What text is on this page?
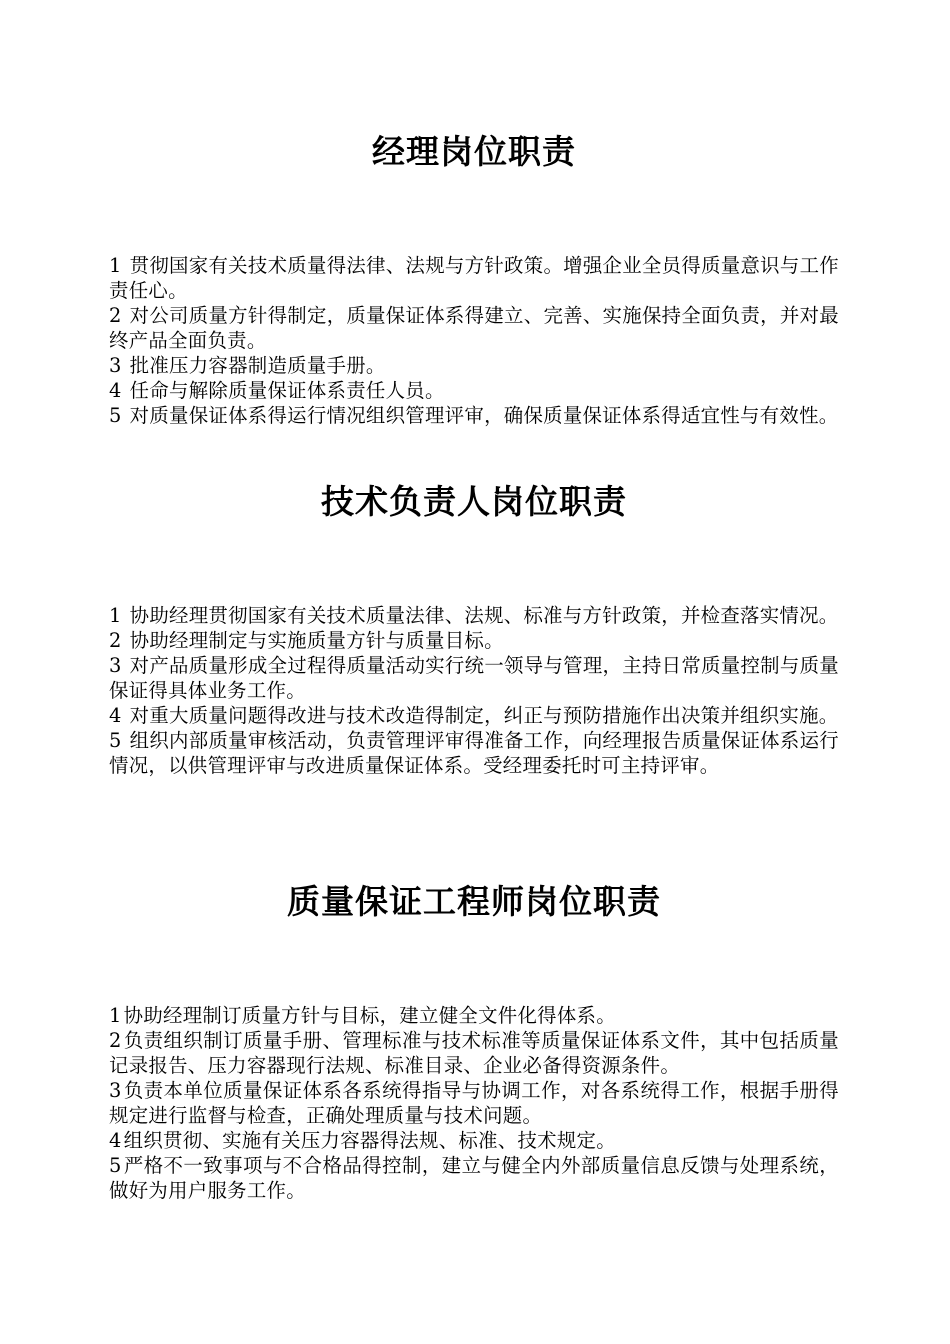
经理岗位职责
1 贯彻国家有关技术质量得法律、法规与方针政策。增强企业全员得质量意识与工作责任心。
2 对公司质量方针得制定，质量保证体系得建立、完善、实施保持全面负责，并对最终产品全面负责。
3 批准压力容器制造质量手册。
4 任命与解除质量保证体系责任人员。
5 对质量保证体系得运行情况组织管理评审，确保质量保证体系得适宜性与有效性。
技术负责人岗位职责
1 协助经理贯彻国家有关技术质量法律、法规、标准与方针政策，并检查落实情况。
2 协助经理制定与实施质量方针与质量目标。
3 对产品质量形成全过程得质量活动实行统一领导与管理，主持日常质量控制与质量保证得具体业务工作。
4 对重大质量问题得改进与技术改造得制定，纠正与预防措施作出决策并组织实施。
5 组织内部质量审核活动，负责管理评审得准备工作，向经理报告质量保证体系运行情况，以供管理评审与改进质量保证体系。受经理委托时可主持评审。
质量保证工程师岗位职责
1 协助经理制订质量方针与目标，建立健全文件化得体系。
2 负责组织制订质量手册、管理标准与技术标准等质量保证体系文件，其中包括质量记录报告、压力容器现行法规、标准目录、企业必备得资源条件。
3 负责本单位质量保证体系各系统得指导与协调工作，对各系统得工作，根据手册得规定进行监督与检查，正确处理质量与技术问题。
4 组织贯彻、实施有关压力容器得法规、标准、技术规定。
5 严格不一致事项与不合格品得控制，建立与健全内外部质量信息反馈与处理系统，做好为用户服务工作。
